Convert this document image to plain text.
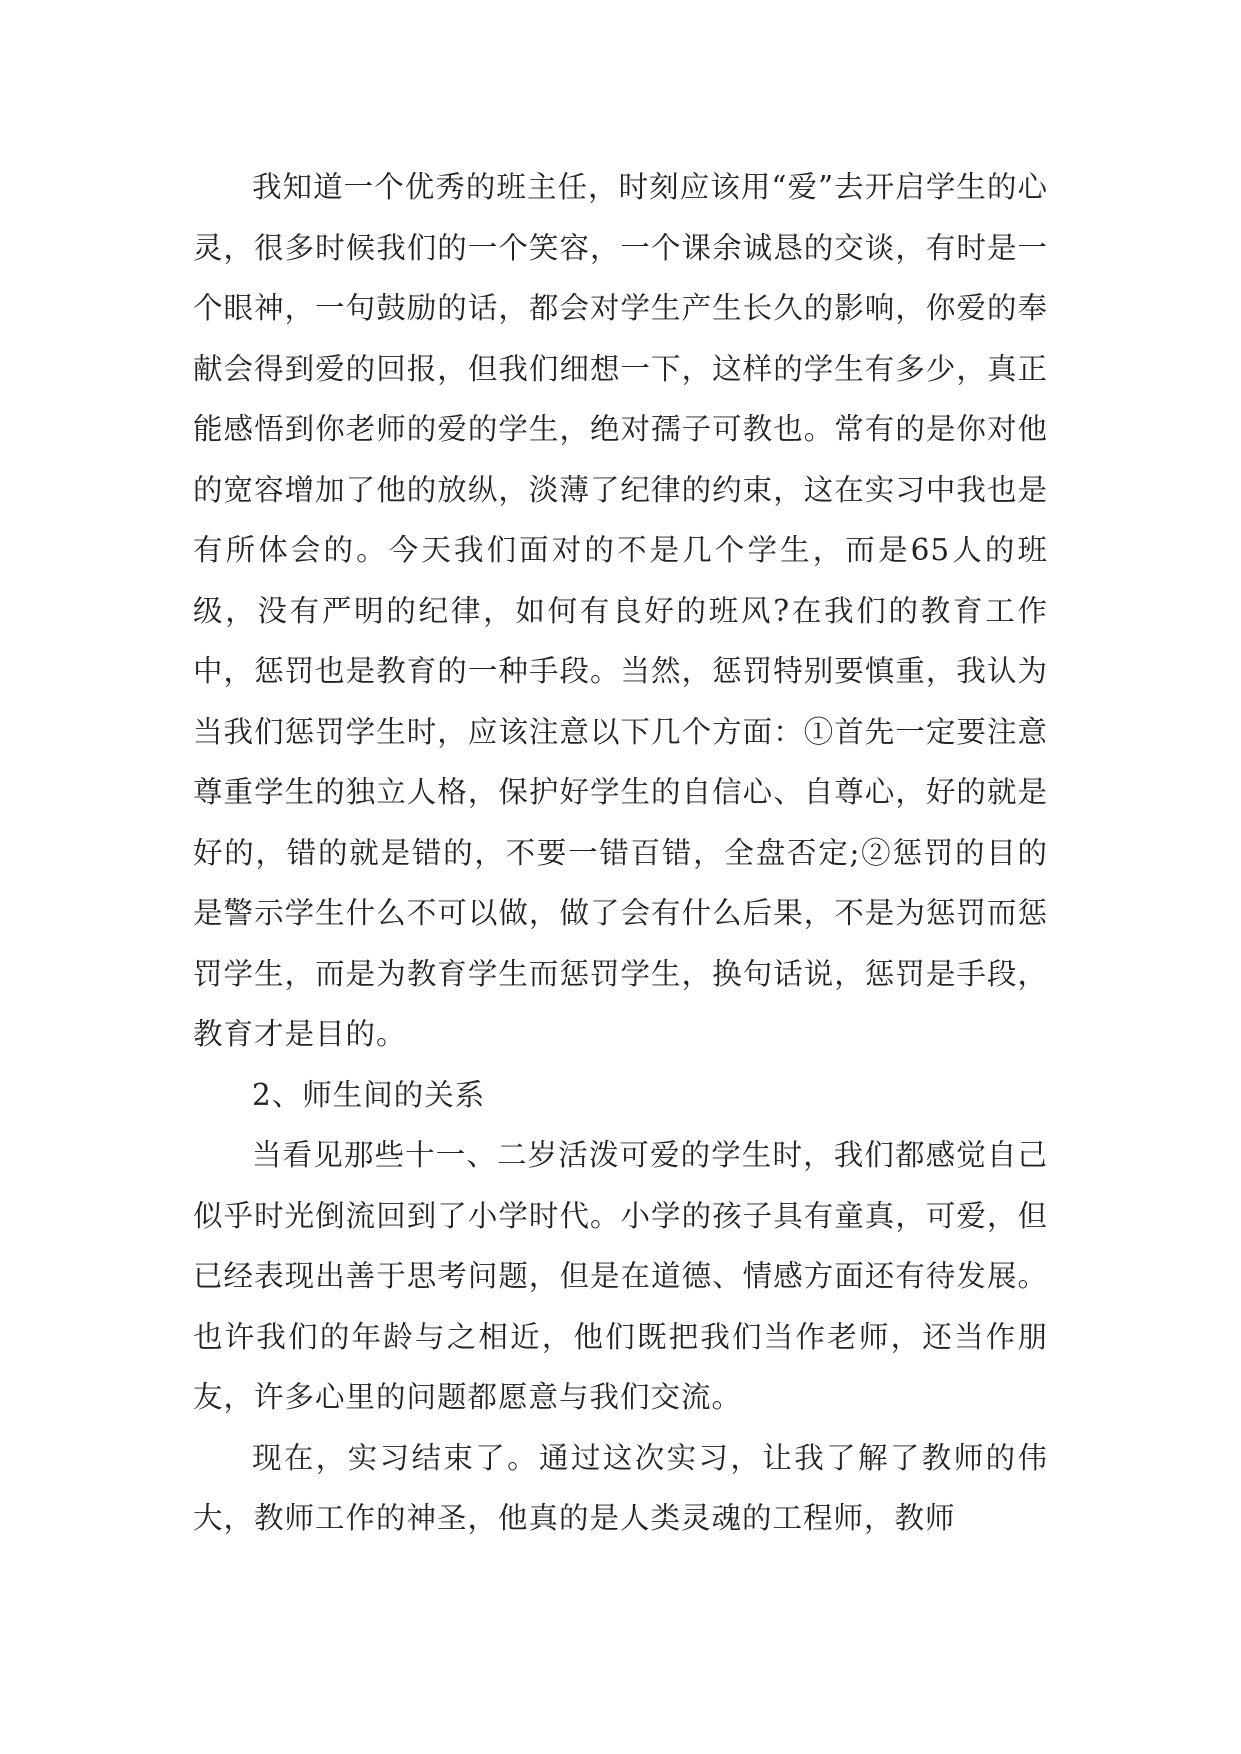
我知道一个优秀的班主任，时刻应该用“爱”去开启学生的心灵，很多时候我们的一个笑容，一个课余诚恳的交谈，有时是一个眼神，一句鼓励的话，都会对学生产生长久的影响，你爱的奉献会得到爱的回报，但我们细想一下，这样的学生有多少，真正能感悟到你老师的爱的学生，绝对孺子可教也。常有的是你对他的宽容增加了他的放纵，淡薄了纪律的约束，这在实习中我也是有所体会的。今天我们面对的不是几个学生，而是65人的班级，没有严明的纪律，如何有良好的班风?在我们的教育工作中，惩罚也是教育的一种手段。当然，惩罚特别要慎重，我认为当我们惩罚学生时，应该注意以下几个方面：①首先一定要注意尊重学生的独立人格，保护好学生的自信心、自尊心，好的就是好的，错的就是错的，不要一错百错，全盘否定;②惩罚的目的是警示学生什么不可以做，做了会有什么后果，不是为惩罚而惩罚学生，而是为教育学生而惩罚学生，换句话说，惩罚是手段，教育才是目的。

2、师生间的关系

当看见那些十一、二岁活泼可爱的学生时，我们都感觉自己似乎时光倒流回到了小学时代。小学的孩子具有童真，可爱，但已经表现出善于思考问题，但是在道德、情感方面还有待发展。也许我们的年龄与之相近，他们既把我们当作老师，还当作朋友，许多心里的问题都愿意与我们交流。

现在，实习结束了。通过这次实习，让我了解了教师的伟大，教师工作的神圣，他真的是人类灵魂的工程师，教师
